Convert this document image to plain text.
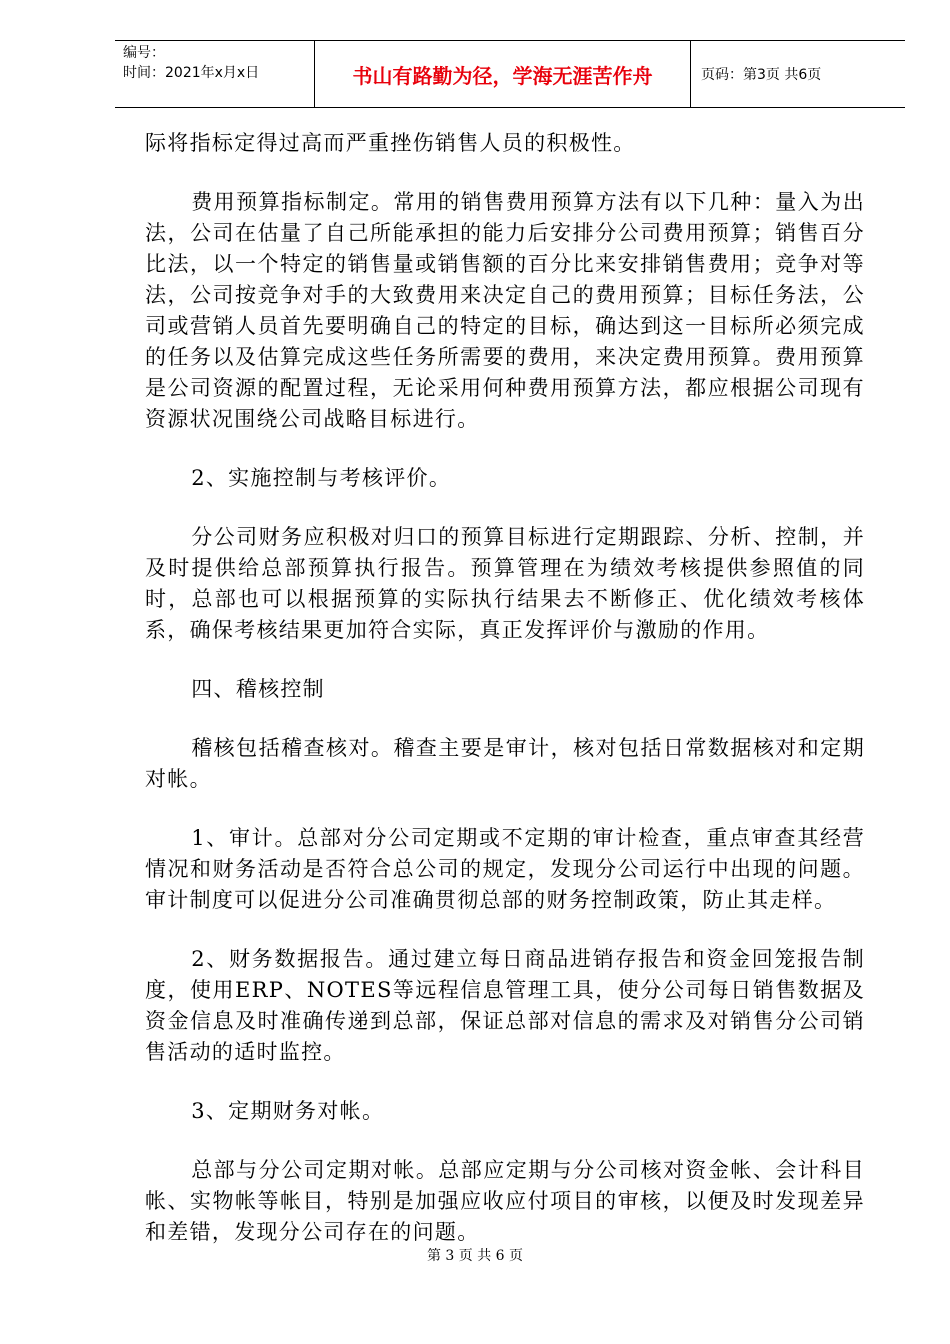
编号：
时间：2021年x月x日	书山有路勤为径，学海无涯苦作舟	页码：第3页 共6页

际将指标定得过高而严重挫伤销售人员的积极性。

费用预算指标制定。常用的销售费用预算方法有以下几种：量入为出法，公司在估量了自己所能承担的能力后安排分公司费用预算；销售百分比法，以一个特定的销售量或销售额的百分比来安排销售费用；竞争对等法，公司按竞争对手的大致费用来决定自己的费用预算；目标任务法，公司或营销人员首先要明确自己的特定的目标，确达到这一目标所必须完成的任务以及估算完成这些任务所需要的费用，来决定费用预算。费用预算是公司资源的配置过程，无论采用何种费用预算方法，都应根据公司现有资源状况围绕公司战略目标进行。

2、实施控制与考核评价。

分公司财务应积极对归口的预算目标进行定期跟踪、分析、控制，并及时提供给总部预算执行报告。预算管理在为绩效考核提供参照值的同时，总部也可以根据预算的实际执行结果去不断修正、优化绩效考核体系，确保考核结果更加符合实际，真正发挥评价与激励的作用。

四、稽核控制

稽核包括稽查核对。稽查主要是审计，核对包括日常数据核对和定期对帐。

1、审计。总部对分公司定期或不定期的审计检查，重点审查其经营情况和财务活动是否符合总公司的规定，发现分公司运行中出现的问题。审计制度可以促进分公司准确贯彻总部的财务控制政策，防止其走样。

2、财务数据报告。通过建立每日商品进销存报告和资金回笼报告制度，使用ERP、NOTES等远程信息管理工具，使分公司每日销售数据及资金信息及时准确传递到总部，保证总部对信息的需求及对销售分公司销售活动的适时监控。

3、定期财务对帐。

总部与分公司定期对帐。总部应定期与分公司核对资金帐、会计科目帐、实物帐等帐目，特别是加强应收应付项目的审核，以便及时发现差异和差错，发现分公司存在的问题。

第 3 页 共 6 页
